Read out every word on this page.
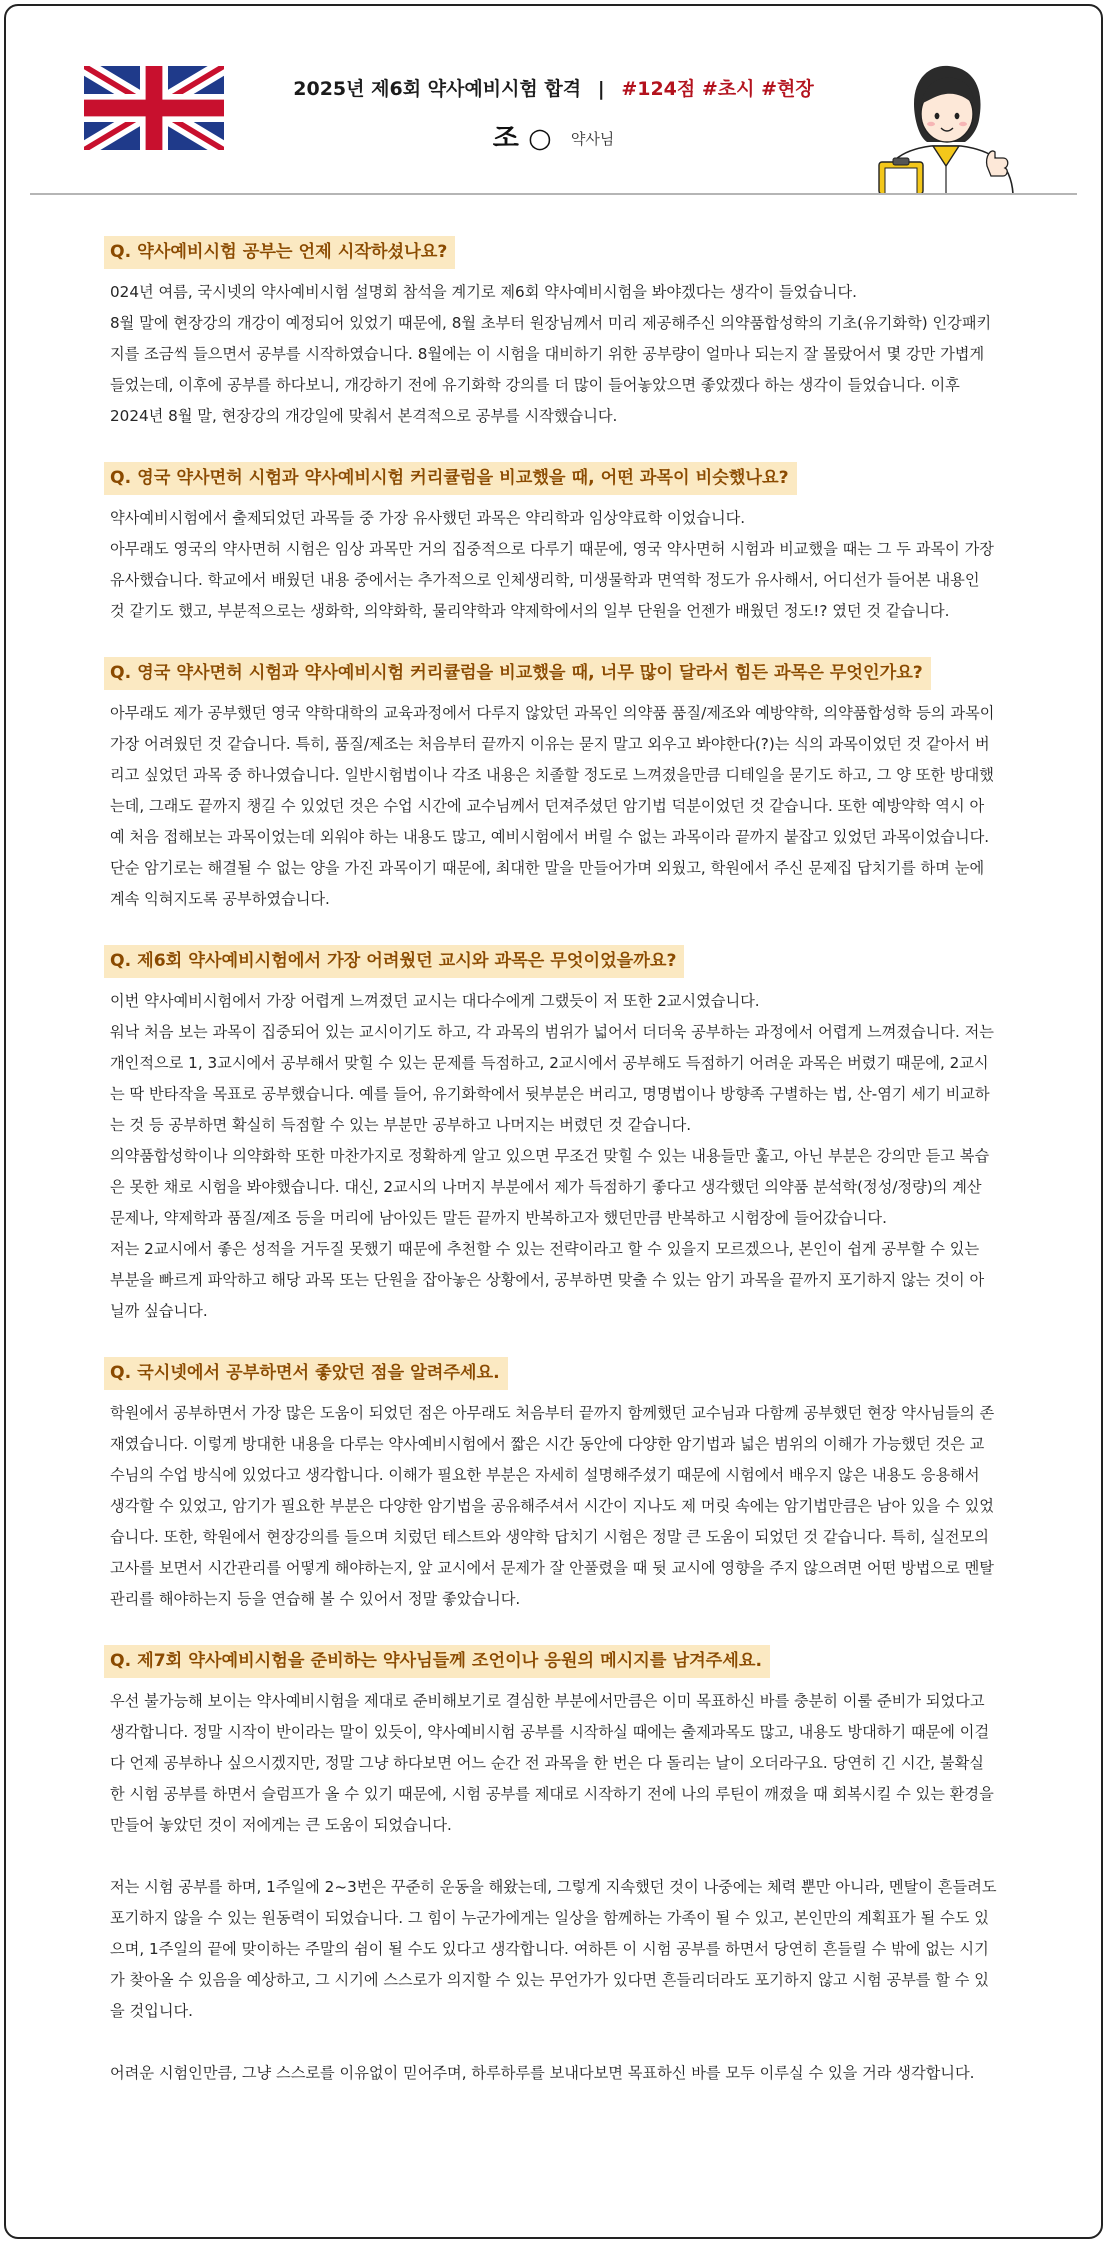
2025년 제6회 약사예비시험 합격 | #124점 #초시 #현장
조 ○ 약사님
Q. 약사예비시험 공부는 언제 시작하셨나요?

024년 여름, 국시넷의 약사예비시험 설명회 참석을 계기로 제6회 약사예비시험을 봐야겠다는 생각이 들었습니다.

8월 말에 현장강의 개강이 예정되어 있었기 때문에, 8월 초부터 원장님께서 미리 제공해주신 의약품합성학의 기초(유기화학) 인강패키지를 조금씩 들으면서 공부를 시작하였습니다. 8월에는 이 시험을 대비하기 위한 공부량이 얼마나 되는지 잘 몰랐어서 몇 강만 가볍게 들었는데, 이후에 공부를 하다보니, 개강하기 전에 유기화학 강의를 더 많이 들어놓았으면 좋았겠다 하는 생각이 들었습니다. 이후 2024년 8월 말, 현장강의 개강일에 맞춰서 본격적으로 공부를 시작했습니다.

Q. 영국 약사면허 시험과 약사예비시험 커리큘럼을 비교했을 때, 어떤 과목이 비슷했나요?

약사예비시험에서 출제되었던 과목들 중 가장 유사했던 과목은 약리학과 임상약료학 이었습니다.

아무래도 영국의 약사면허 시험은 임상 과목만 거의 집중적으로 다루기 때문에, 영국 약사면허 시험과 비교했을 때는 그 두 과목이 가장 유사했습니다. 학교에서 배웠던 내용 중에서는 추가적으로 인체생리학, 미생물학과 면역학 정도가 유사해서, 어디선가 들어본 내용인 것 같기도 했고, 부분적으로는 생화학, 의약화학, 물리약학과 약제학에서의 일부 단원을 언젠가 배웠던 정도!? 였던 것 같습니다.

Q. 영국 약사면허 시험과 약사예비시험 커리큘럼을 비교했을 때, 너무 많이 달라서 힘든 과목은 무엇인가요?

아무래도 제가 공부했던 영국 약학대학의 교육과정에서 다루지 않았던 과목인 의약품 품질/제조와 예방약학, 의약품합성학 등의 과목이 가장 어려웠던 것 같습니다. 특히, 품질/제조는 처음부터 끝까지 이유는 묻지 말고 외우고 봐야한다(?)는 식의 과목이었던 것 같아서 버리고 싶었던 과목 중 하나였습니다. 일반시험법이나 각조 내용은 치졸할 정도로 느껴졌을만큼 디테일을 묻기도 하고, 그 양 또한 방대했는데, 그래도 끝까지 챙길 수 있었던 것은 수업 시간에 교수님께서 던져주셨던 암기법 덕분이었던 것 같습니다. 또한 예방약학 역시 아예 처음 접해보는 과목이었는데 외워야 하는 내용도 많고, 예비시험에서 버릴 수 없는 과목이라 끝까지 붙잡고 있었던 과목이었습니다. 단순 암기로는 해결될 수 없는 양을 가진 과목이기 때문에, 최대한 말을 만들어가며 외웠고, 학원에서 주신 문제집 답치기를 하며 눈에 계속 익혀지도록 공부하였습니다.

Q. 제6회 약사예비시험에서 가장 어려웠던 교시와 과목은 무엇이었을까요?

이번 약사예비시험에서 가장 어렵게 느껴졌던 교시는 대다수에게 그랬듯이 저 또한 2교시였습니다.

워낙 처음 보는 과목이 집중되어 있는 교시이기도 하고, 각 과목의 범위가 넓어서 더더욱 공부하는 과정에서 어렵게 느껴졌습니다. 저는 개인적으로 1, 3교시에서 공부해서 맞힐 수 있는 문제를 득점하고, 2교시에서 공부해도 득점하기 어려운 과목은 버렸기 때문에, 2교시는 딱 반타작을 목표로 공부했습니다. 예를 들어, 유기화학에서 뒷부분은 버리고, 명명법이나 방향족 구별하는 법, 산-염기 세기 비교하는 것 등 공부하면 확실히 득점할 수 있는 부분만 공부하고 나머지는 버렸던 것 같습니다.

의약품합성학이나 의약화학 또한 마찬가지로 정확하게 알고 있으면 무조건 맞힐 수 있는 내용들만 훑고, 아닌 부분은 강의만 듣고 복습은 못한 채로 시험을 봐야했습니다. 대신, 2교시의 나머지 부분에서 제가 득점하기 좋다고 생각했던 의약품 분석학(정성/정량)의 계산 문제나, 약제학과 품질/제조 등을 머리에 남아있든 말든 끝까지 반복하고자 했던만큼 반복하고 시험장에 들어갔습니다.

저는 2교시에서 좋은 성적을 거두질 못했기 때문에 추천할 수 있는 전략이라고 할 수 있을지 모르겠으나, 본인이 쉽게 공부할 수 있는 부분을 빠르게 파악하고 해당 과목 또는 단원을 잡아놓은 상황에서, 공부하면 맞출 수 있는 암기 과목을 끝까지 포기하지 않는 것이 아닐까 싶습니다.

Q. 국시넷에서 공부하면서 좋았던 점을 알려주세요.

학원에서 공부하면서 가장 많은 도움이 되었던 점은 아무래도 처음부터 끝까지 함께했던 교수님과 다함께 공부했던 현장 약사님들의 존재였습니다. 이렇게 방대한 내용을 다루는 약사예비시험에서 짧은 시간 동안에 다양한 암기법과 넓은 범위의 이해가 가능했던 것은 교수님의 수업 방식에 있었다고 생각합니다. 이해가 필요한 부분은 자세히 설명해주셨기 때문에 시험에서 배우지 않은 내용도 응용해서 생각할 수 있었고, 암기가 필요한 부분은 다양한 암기법을 공유해주셔서 시간이 지나도 제 머릿 속에는 암기법만큼은 남아 있을 수 있었습니다. 또한, 학원에서 현장강의를 들으며 치렀던 테스트와 생약학 답치기 시험은 정말 큰 도움이 되었던 것 같습니다. 특히, 실전모의고사를 보면서 시간관리를 어떻게 해야하는지, 앞 교시에서 문제가 잘 안풀렸을 때 뒷 교시에 영향을 주지 않으려면 어떤 방법으로 멘탈 관리를 해야하는지 등을 연습해 볼 수 있어서 정말 좋았습니다.

Q. 제7회 약사예비시험을 준비하는 약사님들께 조언이나 응원의 메시지를 남겨주세요.

우선 불가능해 보이는 약사예비시험을 제대로 준비해보기로 결심한 부분에서만큼은 이미 목표하신 바를 충분히 이룰 준비가 되었다고 생각합니다. 정말 시작이 반이라는 말이 있듯이, 약사예비시험 공부를 시작하실 때에는 출제과목도 많고, 내용도 방대하기 때문에 이걸 다 언제 공부하나 싶으시겠지만, 정말 그냥 하다보면 어느 순간 전 과목을 한 번은 다 돌리는 날이 오더라구요. 당연히 긴 시간, 불확실한 시험 공부를 하면서 슬럼프가 올 수 있기 때문에, 시험 공부를 제대로 시작하기 전에 나의 루틴이 깨졌을 때 회복시킬 수 있는 환경을 만들어 놓았던 것이 저에게는 큰 도움이 되었습니다.

저는 시험 공부를 하며, 1주일에 2~3번은 꾸준히 운동을 해왔는데, 그렇게 지속했던 것이 나중에는 체력 뿐만 아니라, 멘탈이 흔들려도 포기하지 않을 수 있는 원동력이 되었습니다. 그 힘이 누군가에게는 일상을 함께하는 가족이 될 수 있고, 본인만의 계획표가 될 수도 있으며, 1주일의 끝에 맞이하는 주말의 쉼이 될 수도 있다고 생각합니다. 여하튼 이 시험 공부를 하면서 당연히 흔들릴 수 밖에 없는 시기가 찾아올 수 있음을 예상하고, 그 시기에 스스로가 의지할 수 있는 무언가가 있다면 흔들리더라도 포기하지 않고 시험 공부를 할 수 있을 것입니다.

어려운 시험인만큼, 그냥 스스로를 이유없이 믿어주며, 하루하루를 보내다보면 목표하신 바를 모두 이루실 수 있을 거라 생각합니다.
